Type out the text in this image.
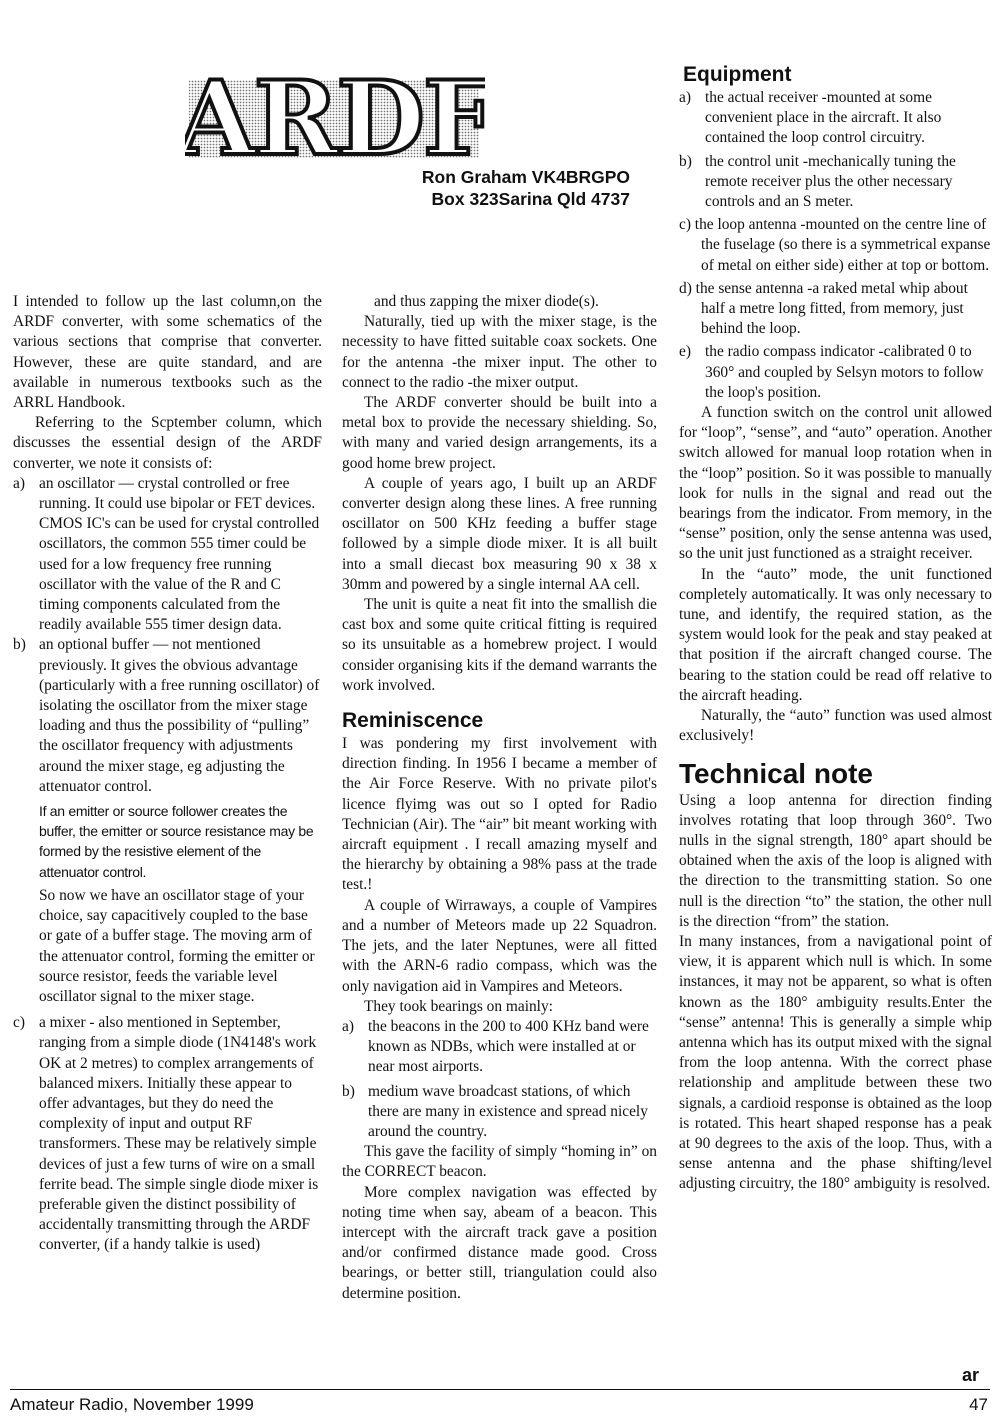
ARDF
Ron Graham VK4BRGPO
Box 323Sarina Qld 4737

I intended to follow up the last column,on the ARDF converter, with some schematics of the various sections that comprise that converter. However, these are quite standard, and are available in numerous textbooks such as the ARRL Handbook.

Referring to the Scptember column, which discusses the essential design of the ARDF converter, we note it consists of:

a) an oscillator — crystal controlled or free running. It could use bipolar or FET devices. CMOS IC's can be used for crystal controlled oscillators, the common 555 timer could be used for a low frequency free running oscillator with the value of the R and C timing components calculated from the readily available 555 timer design data.
b) an optional buffer — not mentioned previously. It gives the obvious advantage (particularly with a free running oscillator) of isolating the oscillator from the mixer stage loading and thus the possibility of “pulling” the oscillator frequency with adjustments around the mixer stage, eg adjusting the attenuator control.
If an emitter or source follower creates the buffer, the emitter or source resistance may be formed by the resistive element of the attenuator control.
So now we have an oscillator stage of your choice, say capacitively coupled to the base or gate of a buffer stage. The moving arm of the attenuator control, forming the emitter or source resistor, feeds the variable level oscillator signal to the mixer stage.
c) a mixer - also mentioned in September, ranging from a simple diode (1N4148's work OK at 2 metres) to complex arrangements of balanced mixers. Initially these appear to offer advantages, but they do need the complexity of input and output RF transformers. These may be relatively simple devices of just a few turns of wire on a small ferrite bead. The simple single diode mixer is preferable given the distinct possibility of accidentally transmitting through the ARDF converter, (if a handy talkie is used)

and thus zapping the mixer diode(s).

Naturally, tied up with the mixer stage, is the necessity to have fitted suitable coax sockets. One for the antenna -the mixer input. The other to connect to the radio -the mixer output.

The ARDF converter should be built into a metal box to provide the necessary shielding. So, with many and varied design arrangements, its a good home brew project.

A couple of years ago, I built up an ARDF converter design along these lines. A free running oscillator on 500 KHz feeding a buffer stage followed by a simple diode mixer. It is all built into a small diecast box measuring 90 x 38 x 30mm and powered by a single internal AA cell.

The unit is quite a neat fit into the smallish die cast box and some quite critical fitting is required so its unsuitable as a homebrew project. I would consider organising kits if the demand warrants the work involved.

Reminiscence

I was pondering my first involvement with direction finding. In 1956 I became a member of the Air Force Reserve. With no private pilot's licence flyimg was out so I opted for Radio Technician (Air). The “air” bit meant working with aircraft equipment . I recall amazing myself and the hierarchy by obtaining a 98% pass at the trade test.!

A couple of Wirraways, a couple of Vampires and a number of Meteors made up 22 Squadron. The jets, and the later Neptunes, were all fitted with the ARN-6 radio compass, which was the only navigation aid in Vampires and Meteors.

They took bearings on mainly:

a) the beacons in the 200 to 400 KHz band were known as NDBs, which were installed at or near most airports.
b) medium wave broadcast stations, of which there are many in existence and spread nicely around the country.

This gave the facility of simply “homing in” on the CORRECT beacon.

More complex navigation was effected by noting time when say, abeam of a beacon. This intercept with the aircraft track gave a position and/or confirmed distance made good. Cross bearings, or better still, triangulation could also determine position.

Equipment
a) the actual receiver -mounted at some convenient place in the aircraft. It also contained the loop control circuitry.
b) the control unit -mechanically tuning the remote receiver plus the other necessary controls and an S meter.
c) the loop antenna -mounted on the centre line of the fuselage (so there is a symmetrical expanse of metal on either side) either at top or bottom.
d) the sense antenna -a raked metal whip about half a metre long fitted, from memory, just behind the loop.
e) the radio compass indicator -calibrated 0 to 360° and coupled by Selsyn motors to follow the loop's position.

A function switch on the control unit allowed for “loop”, “sense”, and “auto” operation. Another switch allowed for manual loop rotation when in the “loop” position. So it was possible to manually look for nulls in the signal and read out the bearings from the indicator. From memory, in the “sense” position, only the sense antenna was used, so the unit just functioned as a straight receiver.

In the “auto” mode, the unit functioned completely automatically. It was only necessary to tune, and identify, the required station, as the system would look for the peak and stay peaked at that position if the aircraft changed course. The bearing to the station could be read off relative to the aircraft heading.

Naturally, the “auto” function was used almost exclusively!

Technical note

Using a loop antenna for direction finding involves rotating that loop through 360°. Two nulls in the signal strength, 180° apart should be obtained when the axis of the loop is aligned with the direction to the transmitting station. So one null is the direction “to” the station, the other null is the direction “from” the station.

In many instances, from a navigational point of view, it is apparent which null is which. In some instances, it may not be apparent, so what is often known as the 180° ambiguity results.Enter the “sense” antenna! This is generally a simple whip antenna which has its output mixed with the signal from the loop antenna. With the correct phase relationship and amplitude between these two signals, a cardioid response is obtained as the loop is rotated. This heart shaped response has a peak at 90 degrees to the axis of the loop. Thus, with a sense antenna and the phase shifting/level adjusting circuitry, the 180° ambiguity is resolved.

ar
Amateur Radio, November 1999	47
